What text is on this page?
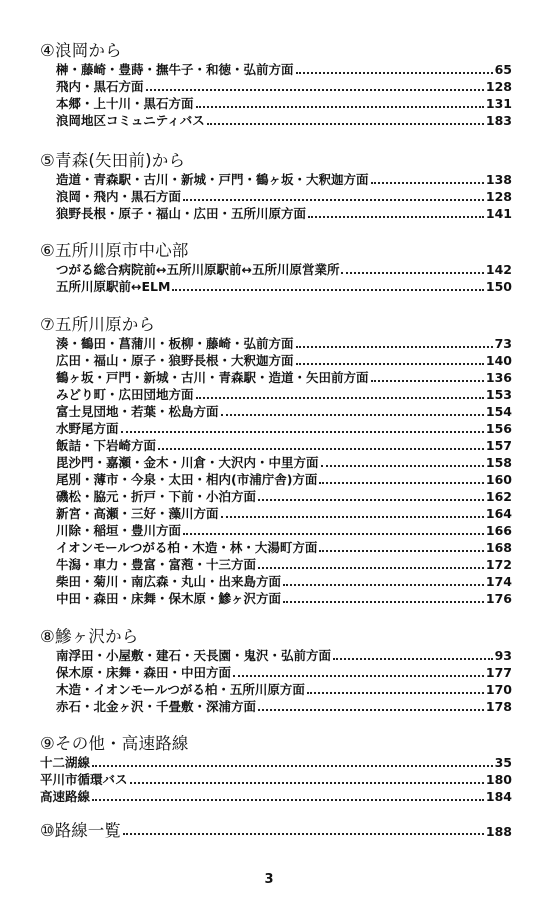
④浪岡から
榊・藤崎・豊蒔・撫牛子・和徳・弘前方面	65
飛内・黒石方面	128
本郷・上十川・黒石方面	131
浪岡地区コミュニティバス	183
⑤青森(矢田前)から
造道・青森駅・古川・新城・戸門・鶴ヶ坂・大釈迦方面	138
浪岡・飛内・黒石方面	128
狼野長根・原子・福山・広田・五所川原方面	141
⑥五所川原市中心部
つがる総合病院前↔五所川原駅前↔五所川原営業所	142
五所川原駅前↔ELM	150
⑦五所川原から
湊・鶴田・菖蒲川・板柳・藤崎・弘前方面	73
広田・福山・原子・狼野長根・大釈迦方面	140
鶴ヶ坂・戸門・新城・古川・青森駅・造道・矢田前方面	136
みどり町・広田団地方面	153
富士見団地・若葉・松島方面	154
水野尾方面	156
飯詰・下岩崎方面	157
毘沙門・嘉瀬・金木・川倉・大沢内・中里方面	158
尾別・薄市・今泉・太田・相内(市浦庁舎)方面	160
磯松・脇元・折戸・下前・小泊方面	162
新宮・高瀬・三好・藻川方面	164
川除・稲垣・豊川方面	166
イオンモールつがる柏・木造・林・大湯町方面	168
牛潟・車力・豊富・富萢・十三方面	172
柴田・菊川・南広森・丸山・出来島方面	174
中田・森田・床舞・保木原・鰺ヶ沢方面	176
⑧鰺ヶ沢から
南浮田・小屋敷・建石・天長園・鬼沢・弘前方面	93
保木原・床舞・森田・中田方面	177
木造・イオンモールつがる柏・五所川原方面	170
赤石・北金ヶ沢・千畳敷・深浦方面	178
⑨その他・高速路線
十二湖線	35
平川市循環バス	180
高速路線	184
⑩路線一覧	188
3
